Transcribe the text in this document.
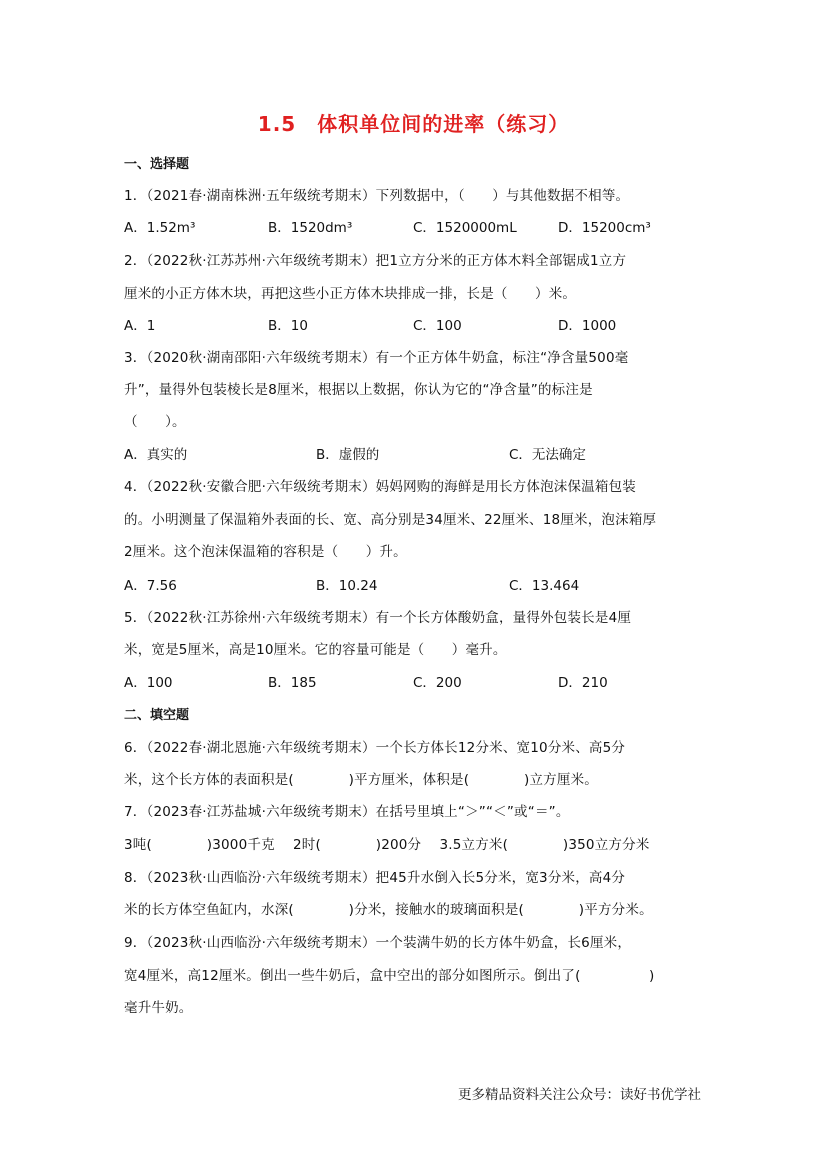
1.5　体积单位间的进率（练习）
一、选择题
1．（2021春·湖南株洲·五年级统考期末）下列数据中，（　　）与其他数据不相等。
A．1.52m³	B．1520dm³	C．1520000mL	D．15200cm³
2．（2022秋·江苏苏州·六年级统考期末）把1立方分米的正方体木料全部锯成1立方
厘米的小正方体木块，再把这些小正方体木块排成一排，长是（　　）米。
A．1	B．10	C．100	D．1000
3．（2020秋·湖南邵阳·六年级统考期末）有一个正方体牛奶盒，标注“净含量500毫
升”，量得外包装棱长是8厘米，根据以上数据，你认为它的“净含量”的标注是
（　　）。
A．真实的	B．虚假的	C．无法确定
4．（2022秋·安徽合肥·六年级统考期末）妈妈网购的海鲜是用长方体泡沫保温箱包装
的。小明测量了保温箱外表面的长、宽、高分别是34厘米、22厘米、18厘米，泡沫箱厚
2厘米。这个泡沫保温箱的容积是（　　）升。
A．7.56	B．10.24	C．13.464
5．（2022秋·江苏徐州·六年级统考期末）有一个长方体酸奶盒，量得外包装长是4厘
米，宽是5厘米，高是10厘米。它的容量可能是（　　）毫升。
A．100	B．185	C．200	D．210
二、填空题
6．（2022春·湖北恩施·六年级统考期末）一个长方体长12分米、宽10分米、高5分
米，这个长方体的表面积是(　　　　)平方厘米，体积是(　　　　)立方厘米。
7．（2023春·江苏盐城·六年级统考期末）在括号里填上“＞”“＜”或“＝”。
3吨(　　　　)3000千克　 2时(　　　　)200分　 3.5立方米(　　　　)350立方分米
8．（2023秋·山西临汾·六年级统考期末）把45升水倒入长5分米，宽3分米，高4分
米的长方体空鱼缸内，水深(　　　　)分米，接触水的玻璃面积是(　　　　)平方分米。
9．（2023秋·山西临汾·六年级统考期末）一个装满牛奶的长方体牛奶盒，长6厘米，
宽4厘米，高12厘米。倒出一些牛奶后，盒中空出的部分如图所示。倒出了(　　　　　)
毫升牛奶。
更多精品资料关注公众号：读好书优学社
